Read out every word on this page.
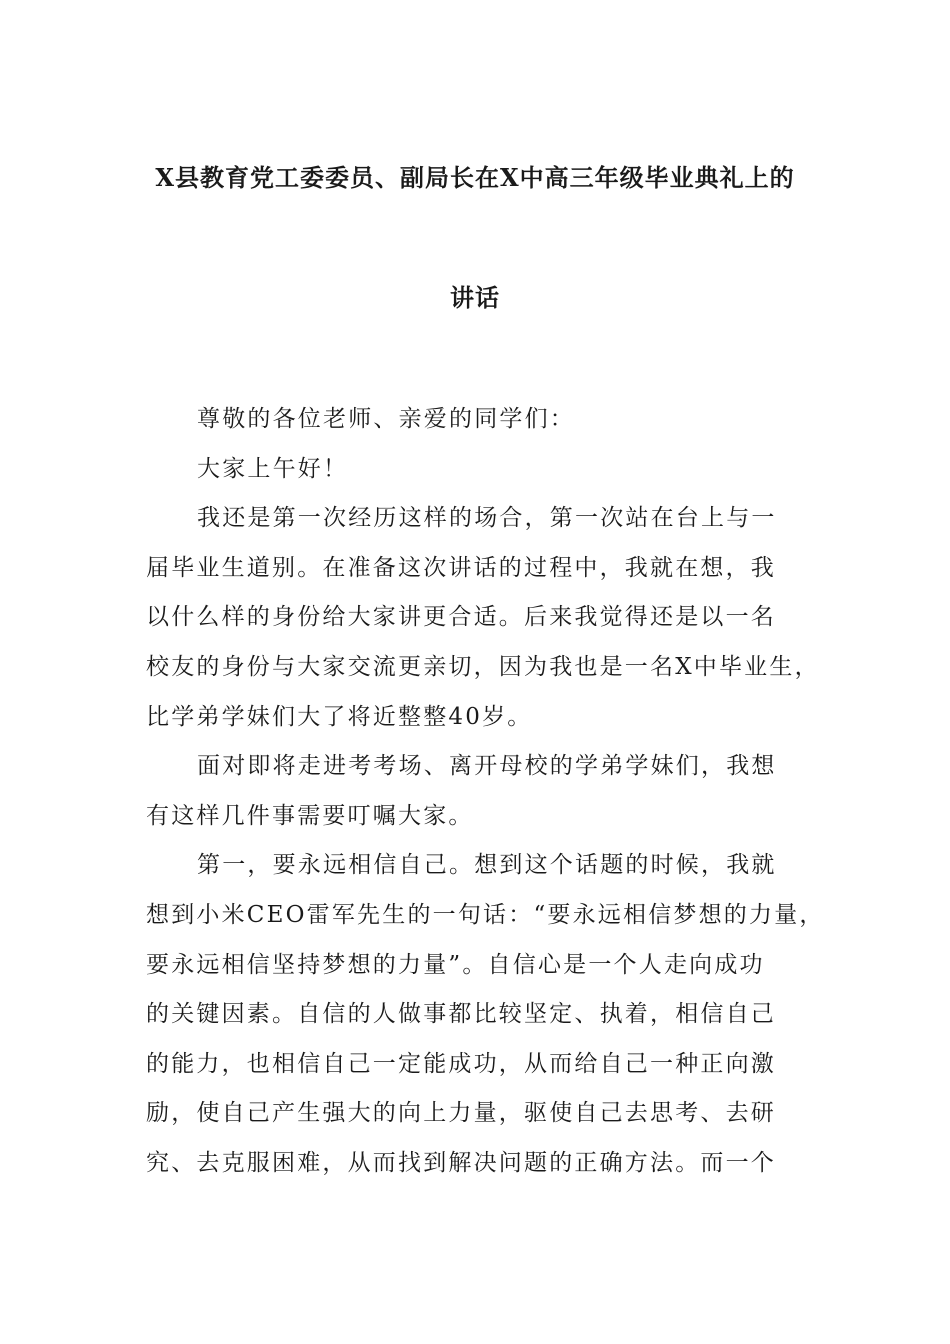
X县教育党工委委员、副局长在X中高三年级毕业典礼上的
讲话

尊敬的各位老师、亲爱的同学们：

大家上午好！

我还是第一次经历这样的场合，第一次站在台上与一

届毕业生道别。在准备这次讲话的过程中，我就在想，我

以什么样的身份给大家讲更合适。后来我觉得还是以一名

校友的身份与大家交流更亲切，因为我也是一名X中毕业生，

比学弟学妹们大了将近整整40岁。

面对即将走进考考场、离开母校的学弟学妹们，我想

有这样几件事需要叮嘱大家。

第一，要永远相信自己。想到这个话题的时候，我就

想到小米CEO雷军先生的一句话：“要永远相信梦想的力量，

要永远相信坚持梦想的力量”。自信心是一个人走向成功

的关键因素。自信的人做事都比较坚定、执着，相信自己

的能力，也相信自己一定能成功，从而给自己一种正向激

励，使自己产生强大的向上力量，驱使自己去思考、去研

究、去克服困难，从而找到解决问题的正确方法。而一个
